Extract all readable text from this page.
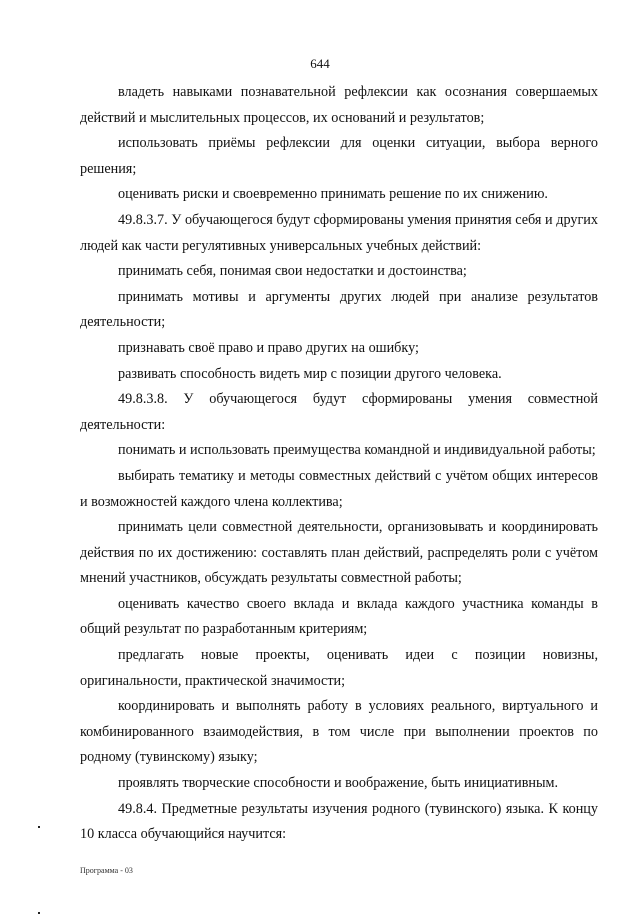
644

владеть навыками познавательной рефлексии как осознания совершаемых действий и мыслительных процессов, их оснований и результатов;

использовать приёмы рефлексии для оценки ситуации, выбора верного решения;

оценивать риски и своевременно принимать решение по их снижению.

49.8.3.7. У обучающегося будут сформированы умения принятия себя и других людей как части регулятивных универсальных учебных действий:

принимать себя, понимая свои недостатки и достоинства;

принимать мотивы и аргументы других людей при анализе результатов деятельности;

признавать своё право и право других на ошибку;

развивать способность видеть мир с позиции другого человека.

49.8.3.8. У обучающегося будут сформированы умения совместной деятельности:

понимать и использовать преимущества командной и индивидуальной работы;

выбирать тематику и методы совместных действий с учётом общих интересов и возможностей каждого члена коллектива;

принимать цели совместной деятельности, организовывать и координировать действия по их достижению: составлять план действий, распределять роли с учётом мнений участников, обсуждать результаты совместной работы;

оценивать качество своего вклада и вклада каждого участника команды в общий результат по разработанным критериям;

предлагать новые проекты, оценивать идеи с позиции новизны, оригинальности, практической значимости;

координировать и выполнять работу в условиях реального, виртуального и комбинированного взаимодействия, в том числе при выполнении проектов по родному (тувинскому) языку;

проявлять творческие способности и воображение, быть инициативным.

49.8.4. Предметные результаты изучения родного (тувинского) языка. К концу 10 класса обучающийся научится:

Программа - 03
